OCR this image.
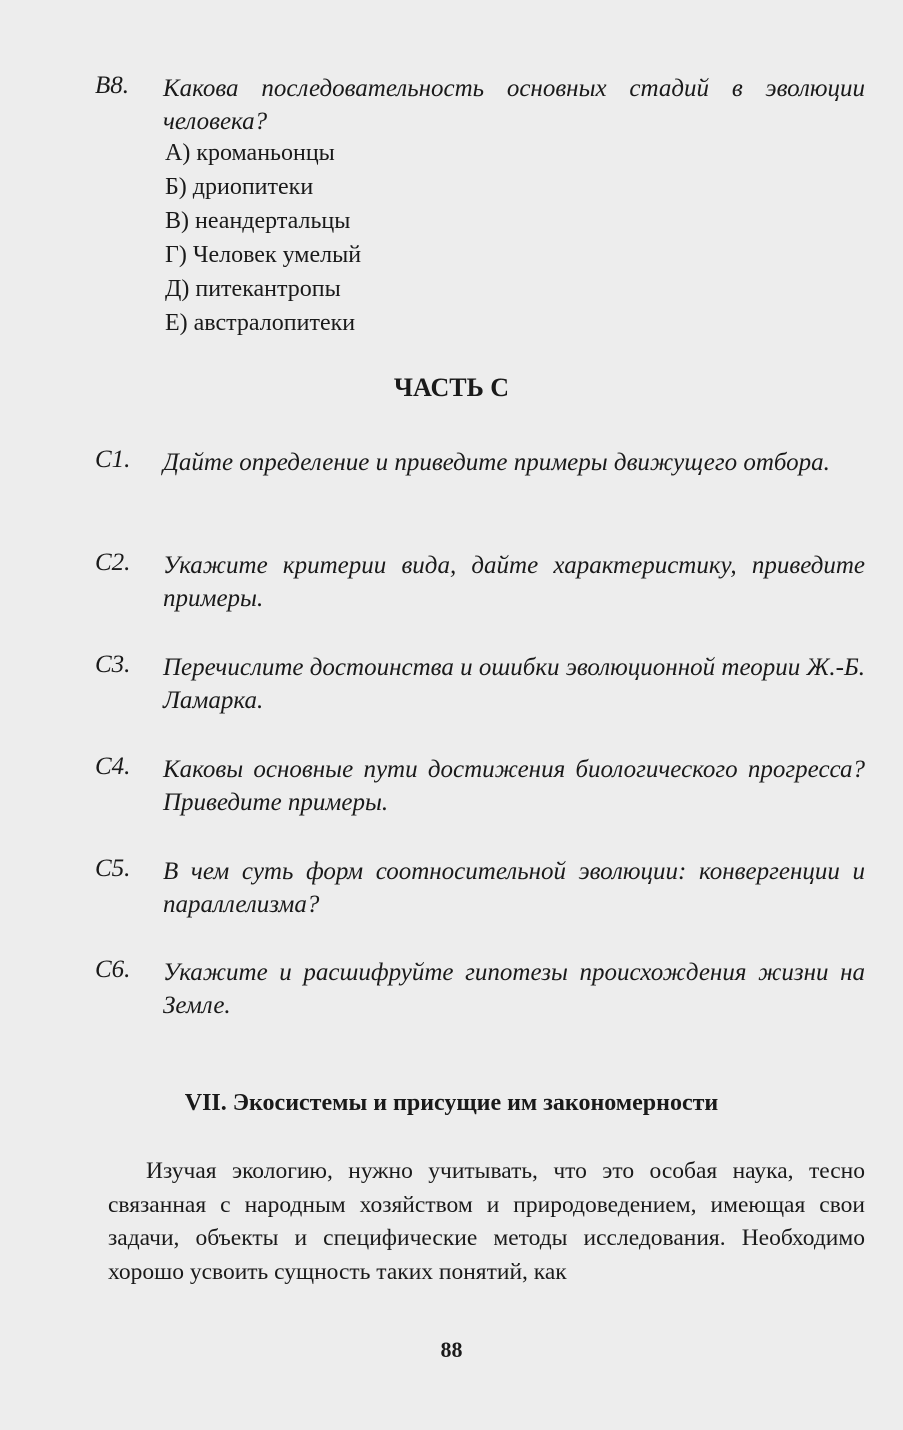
B8. Какова последовательность основных стадий в эволюции человека?
А) кроманьонцы
Б) дриопитеки
В) неандертальцы
Г) Человек умелый
Д) питекантропы
Е) австралопитеки
ЧАСТЬ С
C1. Дайте определение и приведите примеры движущего отбора.
C2. Укажите критерии вида, дайте характеристику, приведите примеры.
C3. Перечислите достоинства и ошибки эволюционной теории Ж.-Б. Ламарка.
C4. Каковы основные пути достижения биологического прогресса? Приведите примеры.
C5. В чем суть форм соотносительной эволюции: конвергенции и параллелизма?
C6. Укажите и расшифруйте гипотезы происхождения жизни на Земле.
VII. Экосистемы и присущие им закономерности
Изучая экологию, нужно учитывать, что это особая наука, тесно связанная с народным хозяйством и природоведением, имеющая свои задачи, объекты и специфические методы исследования. Необходимо хорошо усвоить сущность таких понятий, как
88
